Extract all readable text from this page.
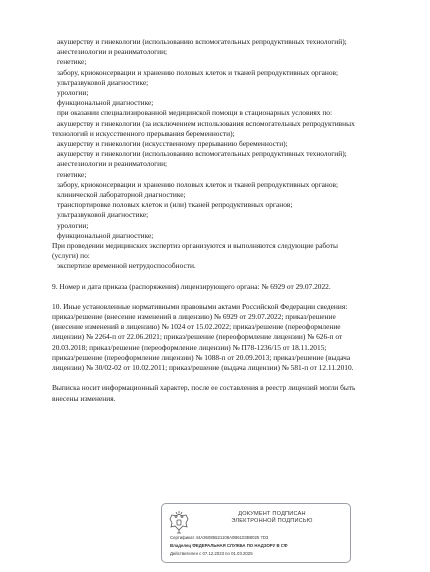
акушерству и гинекологии (использованию вспомогательных репродуктивных технологий);
анестезиологии и реаниматологии;
генетике;
забору, криоконсервации и хранению половых клеток и тканей репродуктивных органов;
ультразвуковой диагностике;
урологии;
функциональной диагностике;
при оказании специализированной медицинской помощи в стационарных условиях по:
акушерству и гинекологии (за исключением использования вспомогательных репродуктивных
технологий и искусственного прерывания беременности);
акушерству и гинекологии (искусственному прерыванию беременности);
акушерству и гинекологии (использованию вспомогательных репродуктивных технологий);
анестезиологии и реаниматологии;
генетике;
забору, криоконсервации и хранению половых клеток и тканей репродуктивных органов;
клинической лабораторной диагностике;
транспортировке половых клеток и (или) тканей репродуктивных органов;
ультразвуковой диагностике;
урологии;
функциональной диагностике;
При проведении медицинских экспертиз организуются и выполняются следующие работы
(услуги) по:
экспертизе временной нетрудоспособности.
9. Номер и дата приказа (распоряжения) лицензирующего органа: № 6929 от 29.07.2022.
10. Иные установленные нормативными правовыми актами Российской Федерации сведения:
приказ/решение (внесение изменений в лицензию) № 6929 от 29.07.2022; приказ/решение
(внесение изменений в лицензию) № 1024 от 15.02.2022; приказ/решение (переоформление
лицензии) № 2264-п от 22.06.2021; приказ/решение (переоформление лицензии) № 626-п от
20.03.2018; приказ/решение (переоформление лицензии) № П78-1236/15 от 18.11.2015;
приказ/решение (переоформление лицензии) № 1088-п от 20.09.2013; приказ/решение (выдача
лицензии) № 30/02-02 от 10.02.2011; приказ/решение (выдача лицензии) № 581-п от 12.11.2010.
Выписка носит информационный характер, после ее составления в реестр лицензий могли быть
внесены изменения.
ДОКУМЕНТ ПОДПИСАН
ЭЛЕКТРОННОЙ ПОДПИСЬЮ
Сертификат 44A36085521108A0B6103B8025 7D3
Владелец ФЕДЕРАЛЬНАЯ СЛУЖБА ПО НАДЗОРУ В СФ
Действителен с 07.12.2023 по 01.03.2025
